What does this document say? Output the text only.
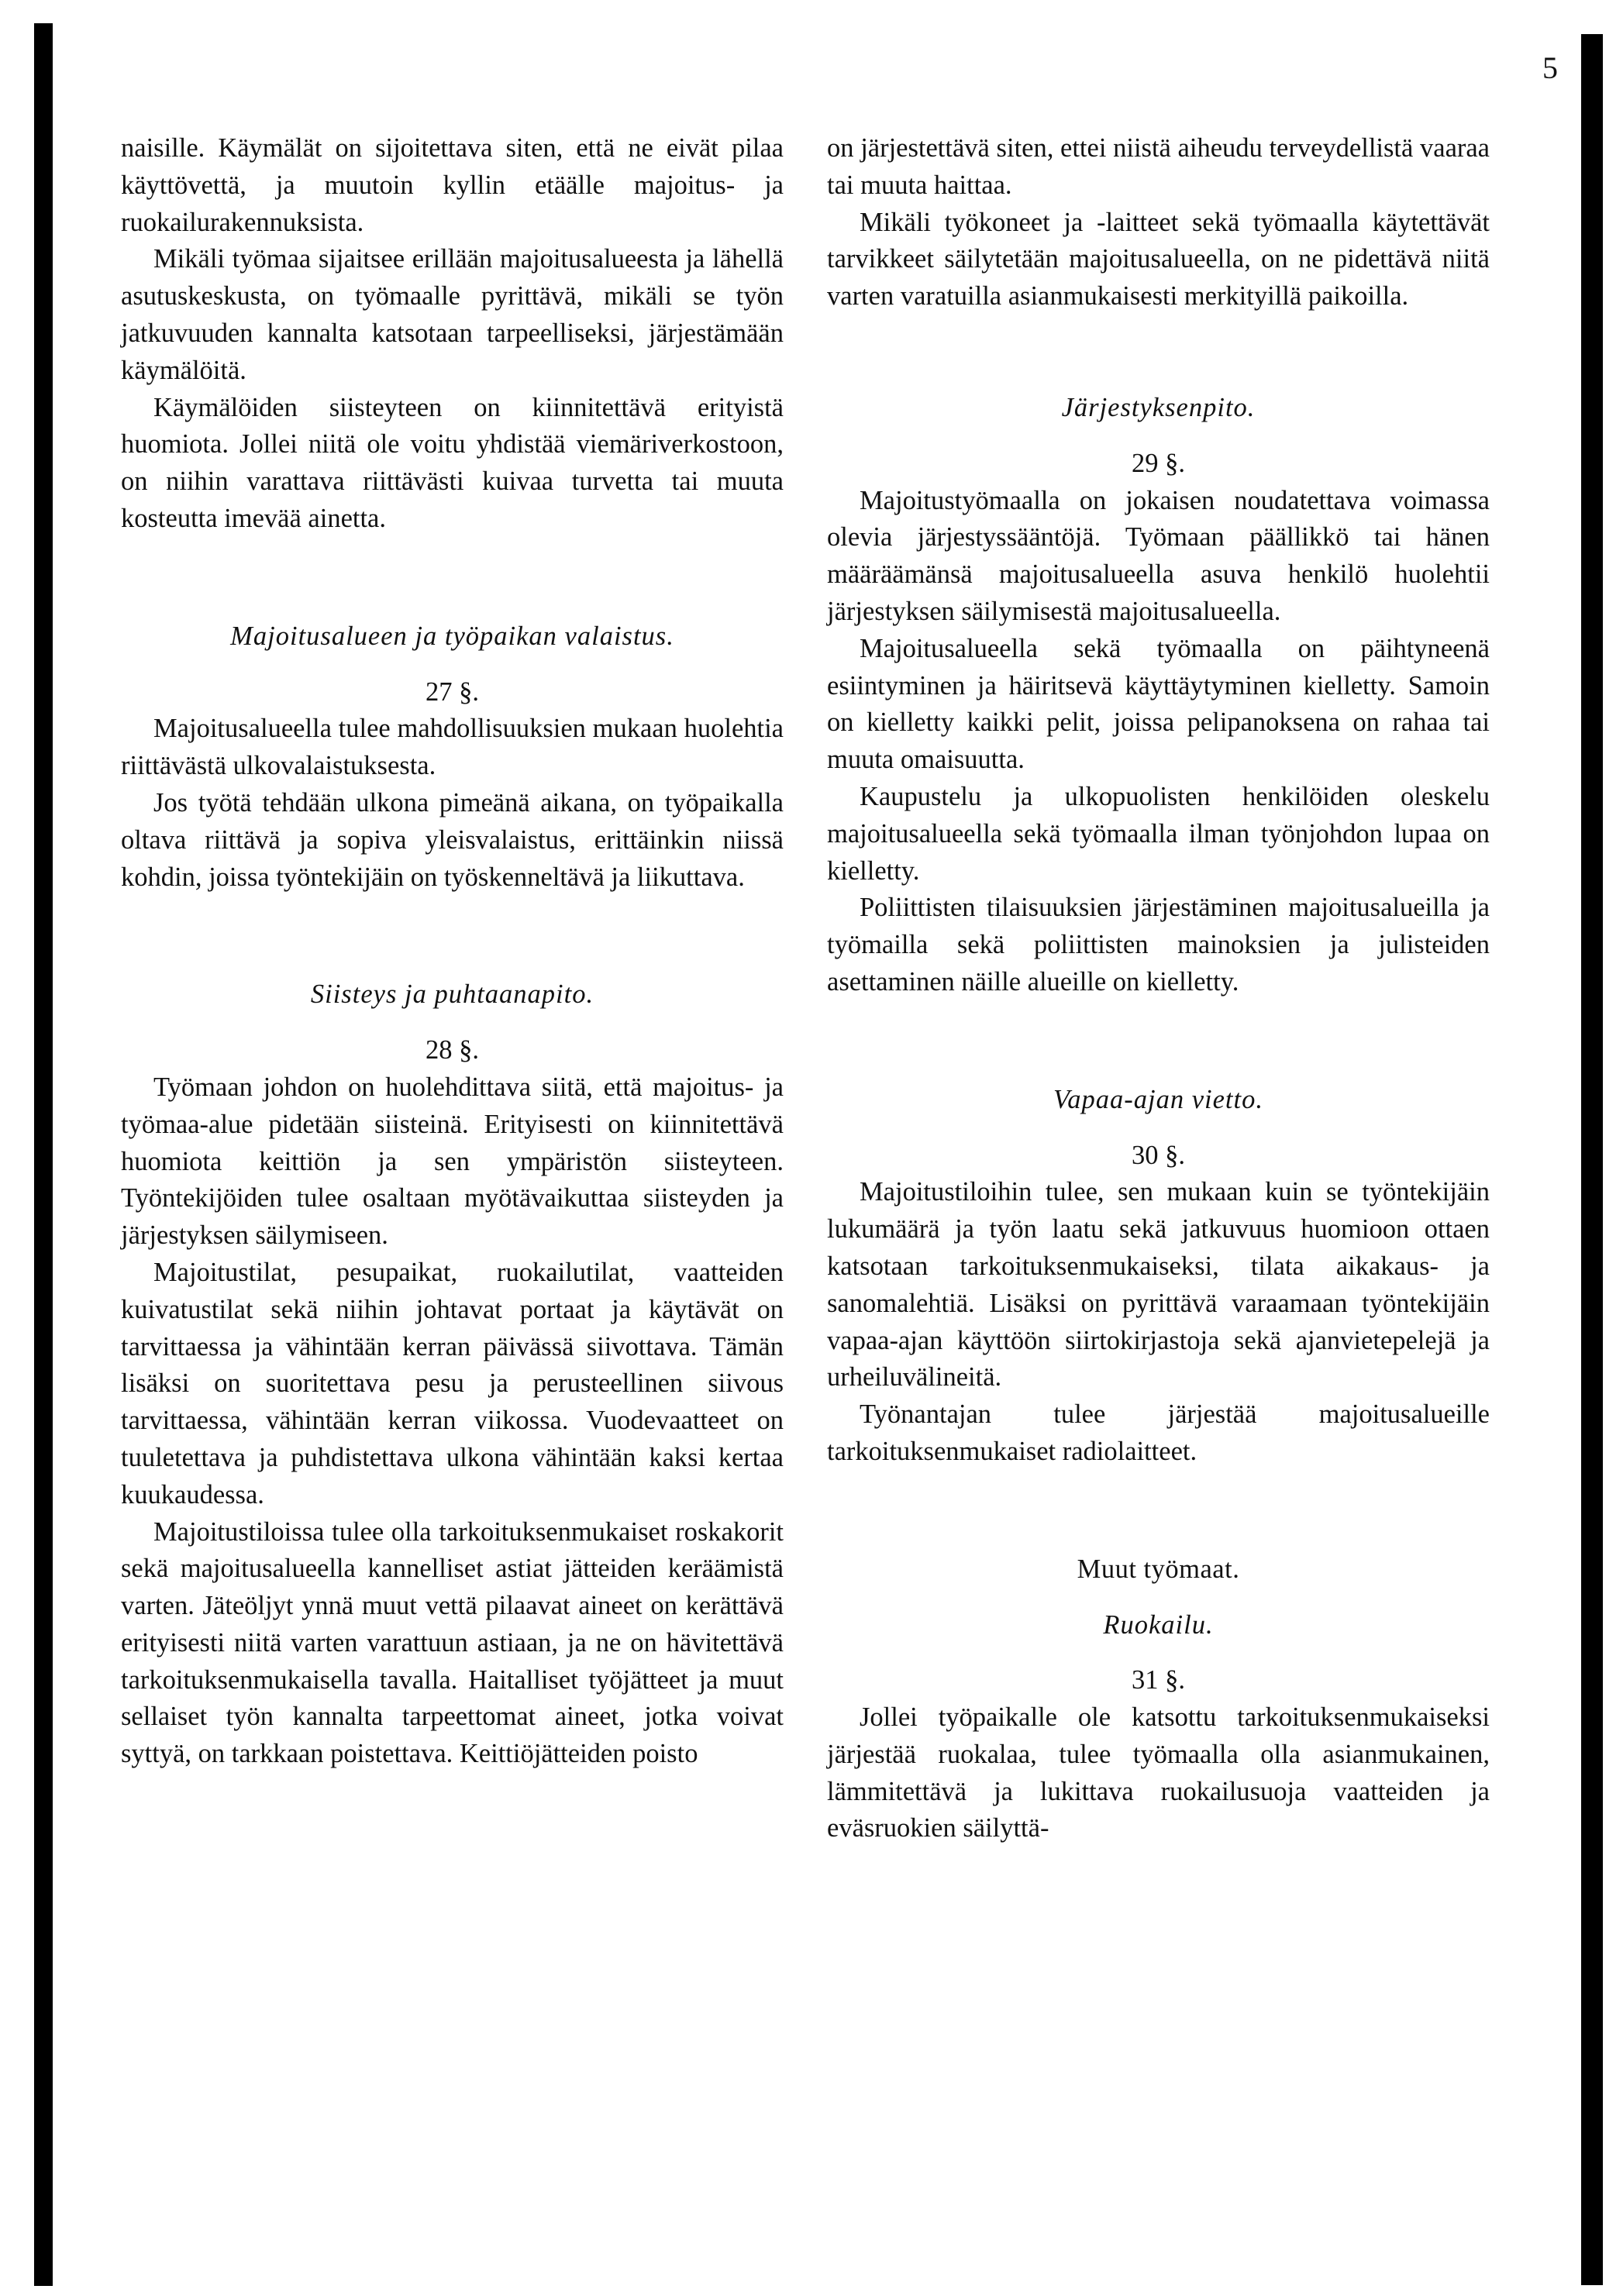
5

naisille. Käymälät on sijoitettava siten, että ne eivät pilaa käyttövettä, ja muutoin kyllin etäälle majoitus- ja ruokailurakennuksista.

Mikäli työmaa sijaitsee erillään majoitusalueesta ja lähellä asutuskeskusta, on työmaalle pyrittävä, mikäli se työn jatkuvuuden kannalta katsotaan tarpeelliseksi, järjestämään käymälöitä.

Käymälöiden siisteyteen on kiinnitettävä erityistä huomiota. Jollei niitä ole voitu yhdistää viemäriverkostoon, on niihin varattava riittävästi kuivaa turvetta tai muuta kosteutta imevää ainetta.

Majoitusalueen ja työpaikan valaistus.

27 §.

Majoitusalueella tulee mahdollisuuksien mukaan huolehtia riittävästä ulkovalaistuksesta.

Jos työtä tehdään ulkona pimeänä aikana, on työpaikalla oltava riittävä ja sopiva yleisvalaistus, erittäinkin niissä kohdin, joissa työntekijäin on työskenneltävä ja liikuttava.

Siisteys ja puhtaanapito.

28 §.

Työmaan johdon on huolehdittava siitä, että majoitus- ja työmaa-alue pidetään siisteinä. Erityisesti on kiinnitettävä huomiota keittiön ja sen ympäristön siisteyteen. Työntekijöiden tulee osaltaan myötävaikuttaa siisteyden ja järjestyksen säilymiseen.

Majoitustilat, pesupaikat, ruokailutilat, vaatteiden kuivatustilat sekä niihin johtavat portaat ja käytävät on tarvittaessa ja vähintään kerran päivässä siivottava. Tämän lisäksi on suoritettava pesu ja perusteellinen siivous tarvittaessa, vähintään kerran viikossa. Vuodevaatteet on tuuletettava ja puhdistettava ulkona vähintään kaksi kertaa kuukaudessa.

Majoitustiloissa tulee olla tarkoituksenmukaiset roskakorit sekä majoitusalueella kannelliset astiat jätteiden keräämistä varten. Jäteöljyt ynnä muut vettä pilaavat aineet on kerättävä erityisesti niitä varten varattuun astiaan, ja ne on hävitettävä tarkoituksenmukaisella tavalla. Haitalliset työjätteet ja muut sellaiset työn kannalta tarpeettomat aineet, jotka voivat syttyä, on tarkkaan poistettava. Keittiöjätteiden poisto

on järjestettävä siten, ettei niistä aiheudu terveydellistä vaaraa tai muuta haittaa.

Mikäli työkoneet ja -laitteet sekä työmaalla käytettävät tarvikkeet säilytetään majoitusalueella, on ne pidettävä niitä varten varatuilla asianmukaisesti merkityillä paikoilla.

Järjestyksenpito.

29 §.

Majoitustyömaalla on jokaisen noudatettava voimassa olevia järjestyssääntöjä. Työmaan päällikkö tai hänen määräämänsä majoitusalueella asuva henkilö huolehtii järjestyksen säilymisestä majoitusalueella.

Majoitusalueella sekä työmaalla on päihtyneenä esiintyminen ja häiritsevä käyttäytyminen kielletty. Samoin on kielletty kaikki pelit, joissa pelipanoksena on rahaa tai muuta omaisuutta.

Kaupustelu ja ulkopuolisten henkilöiden oleskelu majoitusalueella sekä työmaalla ilman työnjohdon lupaa on kielletty.

Poliittisten tilaisuuksien järjestäminen majoitusalueilla ja työmailla sekä poliittisten mainoksien ja julisteiden asettaminen näille alueille on kielletty.

Vapaa-ajan vietto.

30 §.

Majoitustiloihin tulee, sen mukaan kuin se työntekijäin lukumäärä ja työn laatu sekä jatkuvuus huomioon ottaen katsotaan tarkoituksenmukaiseksi, tilata aikakaus- ja sanomalehtiä. Lisäksi on pyrittävä varaamaan työntekijäin vapaa-ajan käyttöön siirtokirjastoja sekä ajanvietepelejä ja urheiluvälineitä.

Työnantajan tulee järjestää majoitusalueille tarkoituksenmukaiset radiolaitteet.

Muut työmaat.

Ruokailu.

31 §.

Jollei työpaikalle ole katsottu tarkoituksenmukaiseksi järjestää ruokalaa, tulee työmaalla olla asianmukainen, lämmitettävä ja lukittava ruokailusuoja vaatteiden ja eväsruokien säilyttä-
